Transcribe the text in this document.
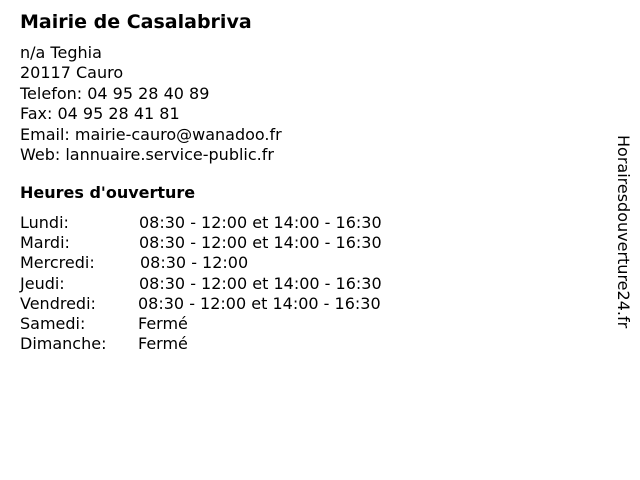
Mairie de Casalabriva
n/a Teghia
20117 Cauro
Telefon: 04 95 28 40 89
Fax: 04 95 28 41 81
Email: mairie-cauro@wanadoo.fr
Web: lannuaire.service-public.fr
Heures d'ouverture
Lundi:	08:30 - 12:00 et 14:00 - 16:30
Mardi:	08:30 - 12:00 et 14:00 - 16:30
Mercredi:	08:30 - 12:00
Jeudi:	08:30 - 12:00 et 14:00 - 16:30
Vendredi:	08:30 - 12:00 et 14:00 - 16:30
Samedi:	Fermé
Dimanche: Fermé
Horairesdouverture24.fr
